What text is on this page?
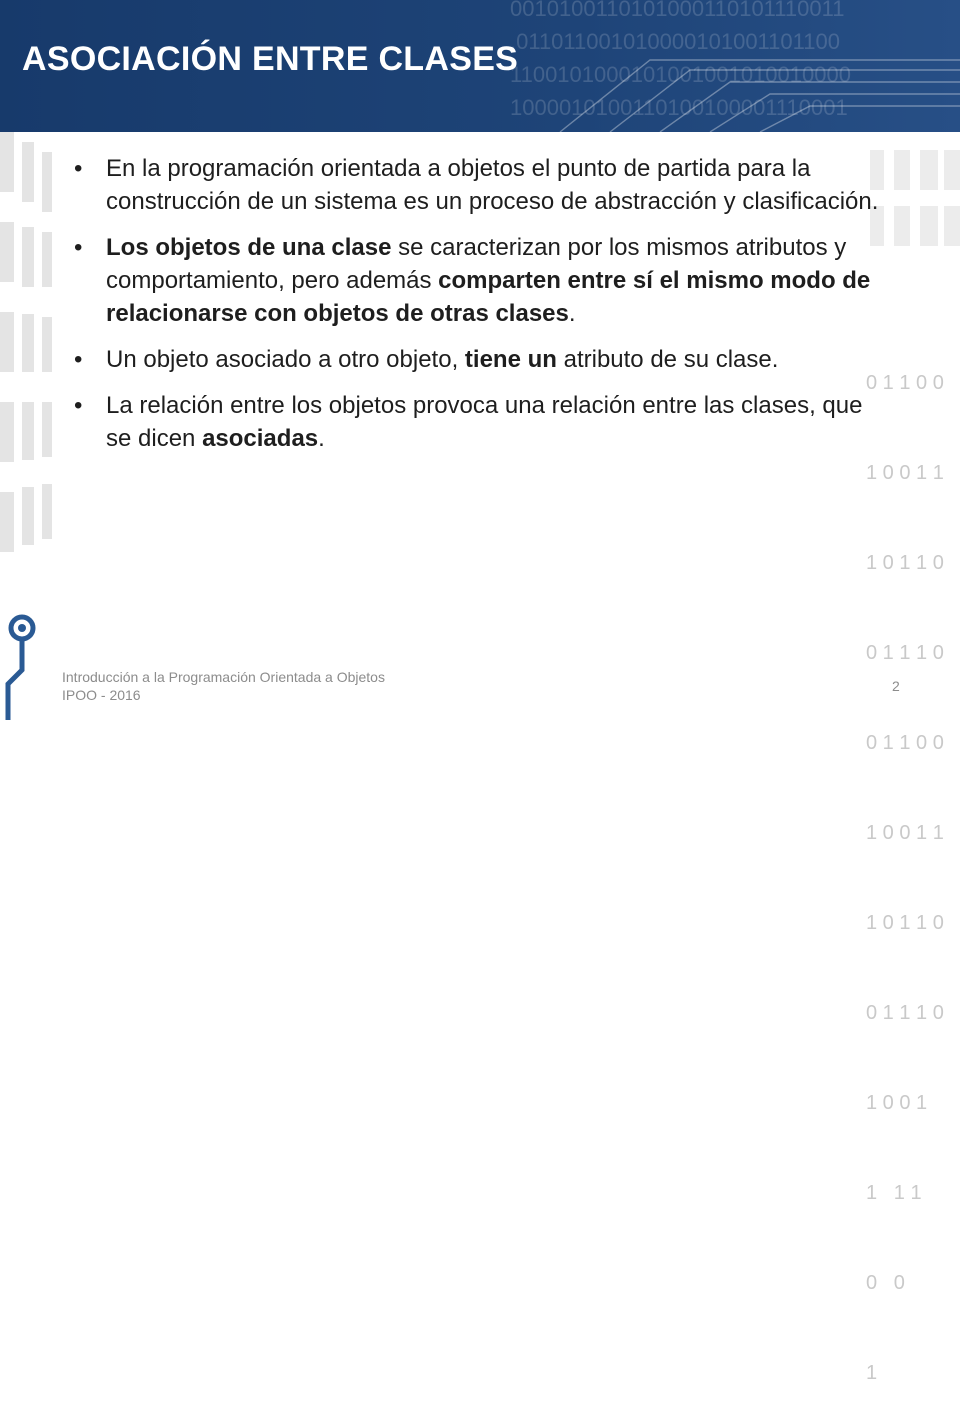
0010100110101000110101110011
.011011001010000101001101100
1100101000101001001010010000
1000010100110100100001110001
ASOCIACIÓN ENTRE CLASES

0 1 1 0 0

1 0 0 1 1

1 0 1 1 0

0 1 1 1 0

0 1 1 0 0

1 0 0 1 1

1 0 1 1 0

0 1 1 1 0

1 0 0 1

1   1 1

0   0

1

• En la programación orientada a objetos el punto de partida para la construcción de un sistema es un proceso de abstracción y clasificación.
• Los objetos de una clase se caracterizan por los mismos atributos y comportamiento, pero además comparten entre sí el mismo modo de relacionarse con objetos de otras clases.
• Un objeto asociado a otro objeto, tiene un atributo de su clase.
• La relación entre los objetos provoca una relación entre las clases, que se dicen asociadas.
Introducción a la Programación Orientada a Objetos
IPOO - 2016
2
